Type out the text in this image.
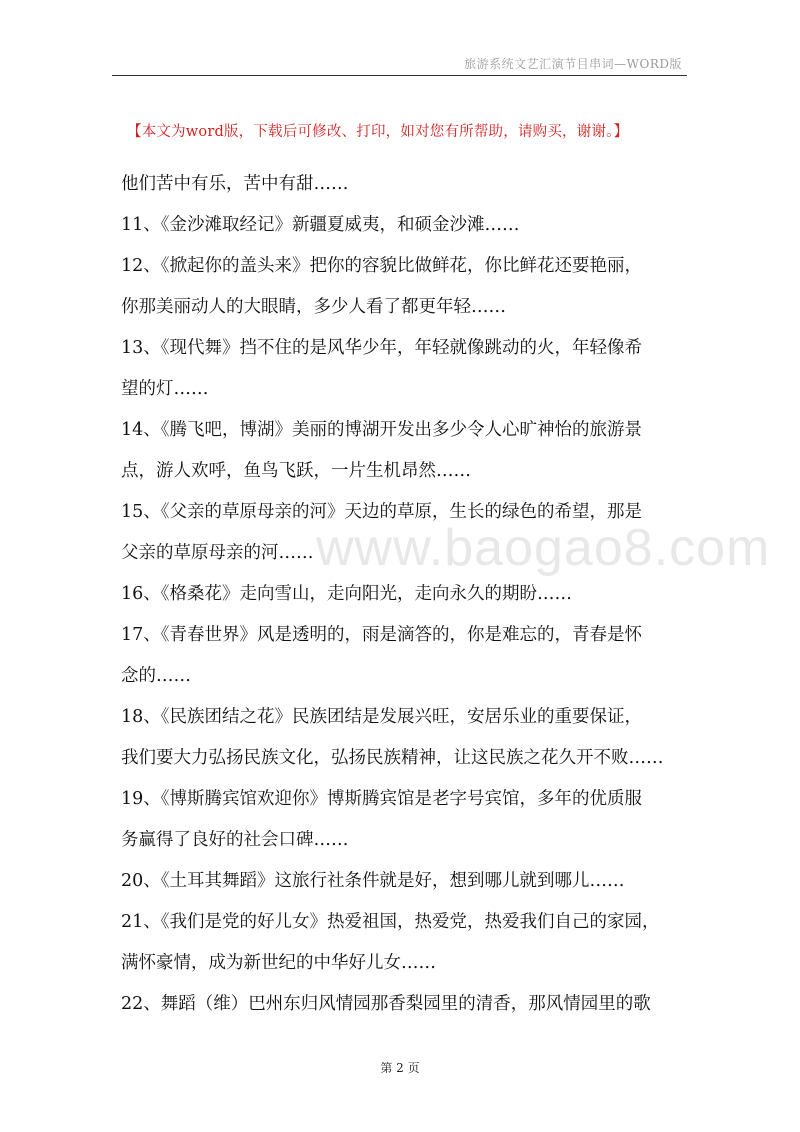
旅游系统文艺汇演节目串词—WORD版
【本文为word版，下载后可修改、打印，如对您有所帮助，请购买，谢谢。】
他们苦中有乐，苦中有甜……
11、《金沙滩取经记》新疆夏威夷，和硕金沙滩……
12、《掀起你的盖头来》把你的容貌比做鲜花，你比鲜花还要艳丽，
你那美丽动人的大眼睛，多少人看了都更年轻……
13、《现代舞》挡不住的是风华少年，年轻就像跳动的火，年轻像希
望的灯……
14、《腾飞吧，博湖》美丽的博湖开发出多少令人心旷神怡的旅游景
点，游人欢呼，鱼鸟飞跃，一片生机昂然……
15、《父亲的草原母亲的河》天边的草原，生长的绿色的希望，那是
父亲的草原母亲的河……
16、《格桑花》走向雪山，走向阳光，走向永久的期盼……
17、《青春世界》风是透明的，雨是滴答的，你是难忘的，青春是怀
念的……
18、《民族团结之花》民族团结是发展兴旺，安居乐业的重要保证，
我们要大力弘扬民族文化，弘扬民族精神，让这民族之花久开不败……
19、《博斯腾宾馆欢迎你》博斯腾宾馆是老字号宾馆，多年的优质服
务赢得了良好的社会口碑……
20、《土耳其舞蹈》这旅行社条件就是好，想到哪儿就到哪儿……
21、《我们是党的好儿女》热爱祖国，热爱党，热爱我们自己的家园，
满怀豪情，成为新世纪的中华好儿女……
22、舞蹈（维）巴州东归风情园那香梨园里的清香，那风情园里的歌
www.baogao8.com
第 2 页
